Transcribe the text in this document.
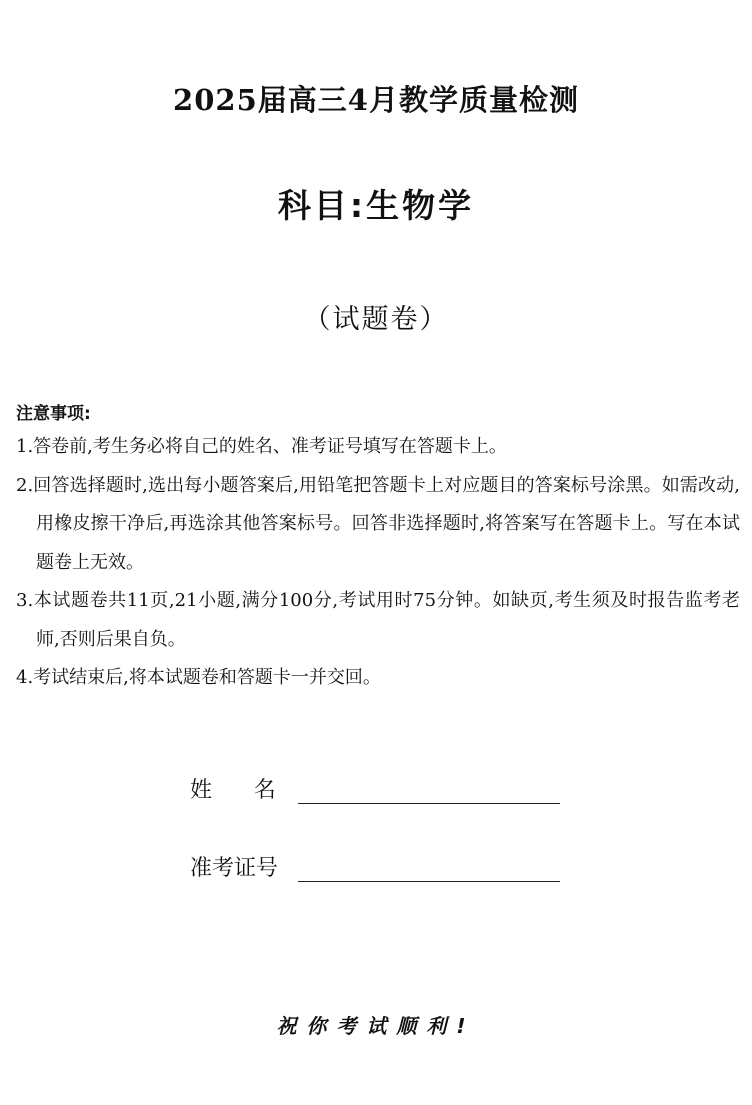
2025届高三4月教学质量检测
科目:生物学
（试题卷）
注意事项:
1.答卷前,考生务必将自己的姓名、准考证号填写在答题卡上。
2.回答选择题时,选出每小题答案后,用铅笔把答题卡上对应题目的答案标号涂黑。如需改动,用橡皮擦干净后,再选涂其他答案标号。回答非选择题时,将答案写在答题卡上。写在本试题卷上无效。
3.本试题卷共11页,21小题,满分100分,考试用时75分钟。如缺页,考生须及时报告监考老师,否则后果自负。
4.考试结束后,将本试题卷和答题卡一并交回。
姓名
准考证号
祝你考试顺利!
